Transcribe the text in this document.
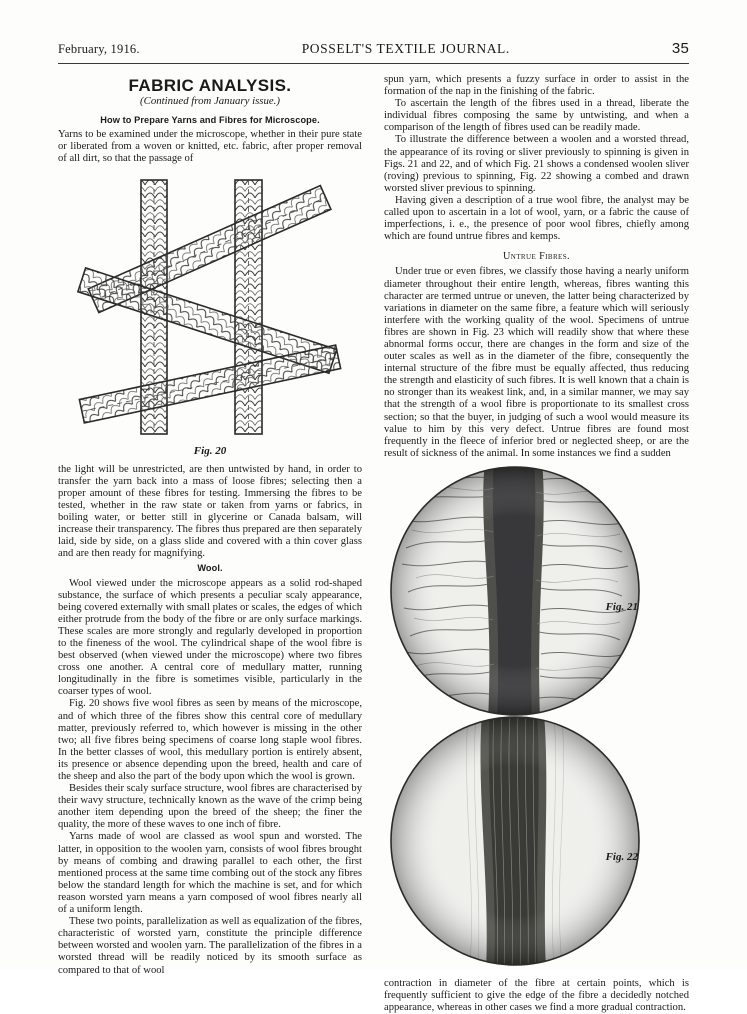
February, 1916.	POSSELT'S TEXTILE JOURNAL.	35
FABRIC ANALYSIS.
(Continued from January issue.)
How to Prepare Yarns and Fibres for Microscope.

Yarns to be examined under the microscope, whether in their pure state or liberated from a woven or knitted, etc. fabric, after proper removal of all dirt, so that the passage of

Fig. 20

the light will be unrestricted, are then untwisted by hand, in order to transfer the yarn back into a mass of loose fibres; selecting then a proper amount of these fibres for testing. Immersing the fibres to be tested, whether in the raw state or taken from yarns or fabrics, in boiling water, or better still in glycerine or Canada balsam, will increase their transparency. The fibres thus prepared are then separately laid, side by side, on a glass slide and covered with a thin cover glass and are then ready for magnifying.

Wool.

Wool viewed under the microscope appears as a solid rod-shaped substance, the surface of which presents a peculiar scaly appearance, being covered externally with small plates or scales, the edges of which either protrude from the body of the fibre or are only surface markings. These scales are more strongly and regularly developed in proportion to the fineness of the wool. The cylindrical shape of the wool fibre is best observed (when viewed under the microscope) where two fibres cross one another. A central core of medullary matter, running longitudinally in the fibre is sometimes visible, particularly in the coarser types of wool.

Fig. 20 shows five wool fibres as seen by means of the microscope, and of which three of the fibres show this central core of medullary matter, previously referred to, which however is missing in the other two; all five fibres being specimens of coarse long staple wool fibres. In the better classes of wool, this medullary portion is entirely absent, its presence or absence depending upon the breed, health and care of the sheep and also the part of the body upon which the wool is grown.

Besides their scaly surface structure, wool fibres are characterised by their wavy structure, technically known as the wave of the crimp being another item depending upon the breed of the sheep; the finer the quality, the more of these waves to one inch of fibre.

Yarns made of wool are classed as wool spun and worsted. The latter, in opposition to the woolen yarn, consists of wool fibres brought by means of combing and drawing parallel to each other, the first mentioned process at the same time combing out of the stock any fibres below the standard length for which the machine is set, and for which reason worsted yarn means a yarn composed of wool fibres nearly all of a uniform length.

These two points, parallelization as well as equalization of the fibres, characteristic of worsted yarn, constitute the principle difference between worsted and woolen yarn. The parallelization of the fibres in a worsted thread will be readily noticed by its smooth surface as compared to that of wool

spun yarn, which presents a fuzzy surface in order to assist in the formation of the nap in the finishing of the fabric.

To ascertain the length of the fibres used in a thread, liberate the individual fibres composing the same by untwisting, and when a comparison of the length of fibres used can be readily made.

To illustrate the difference between a woolen and a worsted thread, the appearance of its roving or sliver previously to spinning is given in Figs. 21 and 22, and of which Fig. 21 shows a condensed woolen sliver (roving) previous to spinning, Fig. 22 showing a combed and drawn worsted sliver previous to spinning.

Having given a description of a true wool fibre, the analyst may be called upon to ascertain in a lot of wool, yarn, or a fabric the cause of imperfections, i. e., the presence of poor wool fibres, chiefly among which are found untrue fibres and kemps.

Untrue Fibres.

Under true or even fibres, we classify those having a nearly uniform diameter throughout their entire length, whereas, fibres wanting this character are termed untrue or uneven, the latter being characterized by variations in diameter on the same fibre, a feature which will seriously interfere with the working quality of the wool. Specimens of untrue fibres are shown in Fig. 23 which will readily show that where these abnormal forms occur, there are changes in the form and size of the outer scales as well as in the diameter of the fibre, consequently the internal structure of the fibre must be equally affected, thus reducing the strength and elasticity of such fibres. It is well known that a chain is no stronger than its weakest link, and, in a similar manner, we may say that the strength of a wool fibre is proportionate to its smallest cross section; so that the buyer, in judging of such a wool would measure its value to him by this very defect. Untrue fibres are found most frequently in the fleece of inferior bred or neglected sheep, or are the result of sickness of the animal. In some instances we find a sudden

Fig. 21
Fig. 22

contraction in diameter of the fibre at certain points, which is frequently sufficient to give the edge of the fibre a decidedly notched appearance, whereas in other cases we find a more gradual contraction.
